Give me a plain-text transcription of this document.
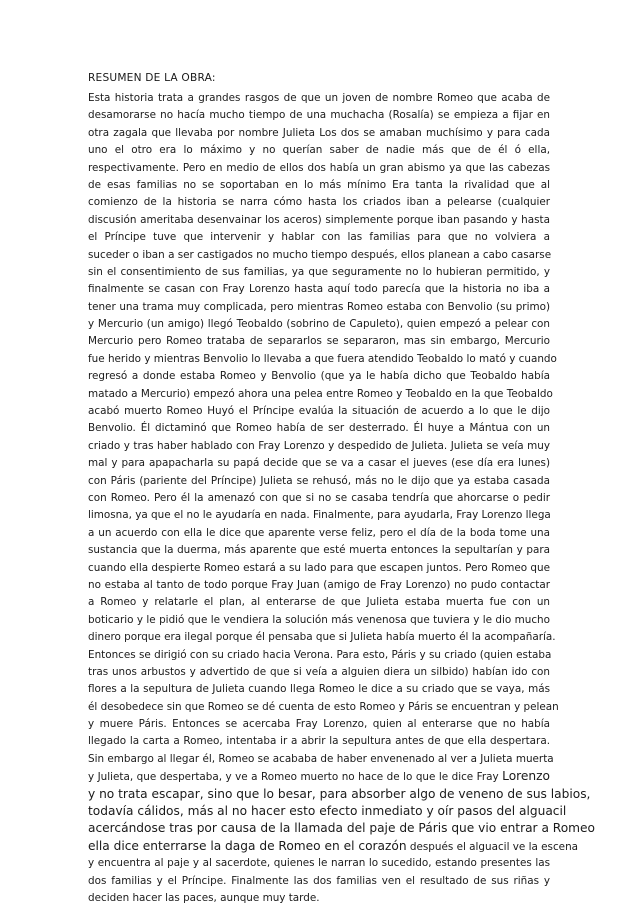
RESUMEN DE LA OBRA:
Esta historia trata a grandes rasgos de que un joven de nombre Romeo que acaba de
desamorarse no hacía mucho tiempo de una muchacha (Rosalía) se empieza a fijar en
otra zagala que llevaba por nombre Julieta Los dos se amaban muchísimo y para cada
uno el otro era lo máximo y no querían saber de nadie más que de él ó ella,
respectivamente. Pero en medio de ellos dos había un gran abismo ya que las cabezas
de esas familias no se soportaban en lo más mínimo Era tanta la rivalidad que al
comienzo de la historia se narra cómo hasta los criados iban a pelearse (cualquier
discusión ameritaba desenvainar los aceros) simplemente porque iban pasando y hasta
el Príncipe tuve que intervenir y hablar con las familias para que no volviera a
suceder o iban a ser castigados no mucho tiempo después, ellos planean a cabo casarse
sin el consentimiento de sus familias, ya que seguramente no lo hubieran permitido, y
finalmente se casan con Fray Lorenzo hasta aquí todo parecía que la historia no iba a
tener una trama muy complicada, pero mientras Romeo estaba con Benvolio (su primo)
y Mercurio (un amigo) llegó Teobaldo (sobrino de Capuleto), quien empezó a pelear con
Mercurio pero Romeo trataba de separarlos se separaron, mas sin embargo, Mercurio
fue herido y mientras Benvolio lo llevaba a que fuera atendido Teobaldo lo mató y cuando
regresó a donde estaba Romeo y Benvolio (que ya le había dicho que Teobaldo había
matado a Mercurio) empezó ahora una pelea entre Romeo y Teobaldo en la que Teobaldo
acabó muerto Romeo Huyó el Príncipe evalúa la situación de acuerdo a lo que le dijo
Benvolio. Él dictaminó que Romeo había de ser desterrado. Él huye a Mántua con un
criado y tras haber hablado con Fray Lorenzo y despedido de Julieta. Julieta se veía muy
mal y para apapacharla su papá decide que se va a casar el jueves (ese día era lunes)
con Páris (pariente del Príncipe) Julieta se rehusó, más no le dijo que ya estaba casada
con Romeo. Pero él la amenazó con que si no se casaba tendría que ahorcarse o pedir
limosna, ya que el no le ayudaría en nada. Finalmente, para ayudarla, Fray Lorenzo llega
a un acuerdo con ella le dice que aparente verse feliz, pero el día de la boda tome una
sustancia que la duerma, más aparente que esté muerta entonces la sepultarían y para
cuando ella despierte Romeo estará a su lado para que escapen juntos. Pero Romeo que
no estaba al tanto de todo porque Fray Juan (amigo de Fray Lorenzo) no pudo contactar
a Romeo y relatarle el plan, al enterarse de que Julieta estaba muerta fue con un
boticario y le pidió que le vendiera la solución más venenosa que tuviera y le dio mucho
dinero porque era ilegal porque él pensaba que si Julieta había muerto él la acompañaría.
Entonces se dirigió con su criado hacia Verona. Para esto, Páris y su criado (quien estaba
tras unos arbustos y advertido de que si veía a alguien diera un silbido) habían ido con
flores a la sepultura de Julieta cuando llega Romeo le dice a su criado que se vaya, más
él desobedece sin que Romeo se dé cuenta de esto Romeo y Páris se encuentran y pelean
y muere Páris. Entonces se acercaba Fray Lorenzo, quien al enterarse que no había
llegado la carta a Romeo, intentaba ir a abrir la sepultura antes de que ella despertara.
Sin embargo al llegar él, Romeo se acababa de haber envenenado al ver a Julieta muerta
y Julieta, que despertaba, y ve a Romeo muerto no hace de lo que le dice Fray Lorenzo
y no trata escapar, sino que lo besar, para absorber algo de veneno de sus labios,
todavía cálidos, más al no hacer esto efecto inmediato y oír pasos del alguacil
acercándose tras por causa de la llamada del paje de Páris que vio entrar a Romeo
ella dice enterrarse la daga de Romeo en el corazón después el alguacil ve la escena
y encuentra al paje y al sacerdote, quienes le narran lo sucedido, estando presentes las
dos familias y el Príncipe. Finalmente las dos familias ven el resultado de sus riñas y
deciden hacer las paces, aunque muy tarde.
